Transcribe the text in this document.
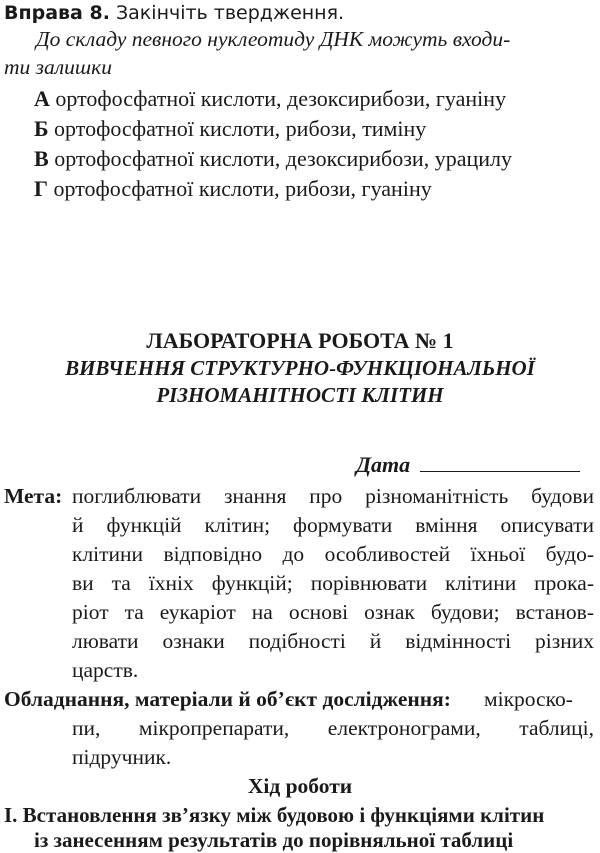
Вправа 8. Закінчіть твердження.
До складу певного нуклеотиду ДНК можуть входи-
ти залишки
А ортофосфатної кислоти, дезоксирибози, гуаніну
Б ортофосфатної кислоти, рибози, тиміну
В ортофосфатної кислоти, дезоксирибози, урацилу
Г ортофосфатної кислоти, рибози, гуаніну
ЛАБОРАТОРНА РОБОТА № 1
ВИВЧЕННЯ СТРУКТУРНО-ФУНКЦІОНАЛЬНОЇ
РІЗНОМАНІТНОСТІ КЛІТИН
Дата
Мета: поглиблювати знання про різноманітність будови
й функцій клітин; формувати вміння описувати
клітини відповідно до особливостей їхньої будо-
ви та їхніх функцій; порівнювати клітини прока-
ріот та еукаріот на основі ознак будови; встанов-
лювати ознаки подібності й відмінності різних
царств.
Обладнання, матеріали й об’єкт дослідження: мікроско-
пи, мікропрепарати, електронограми, таблиці,
підручник.
Хід роботи
I. Встановлення зв’язку між будовою і функціями клітин
із занесенням результатів до порівняльної таблиці
